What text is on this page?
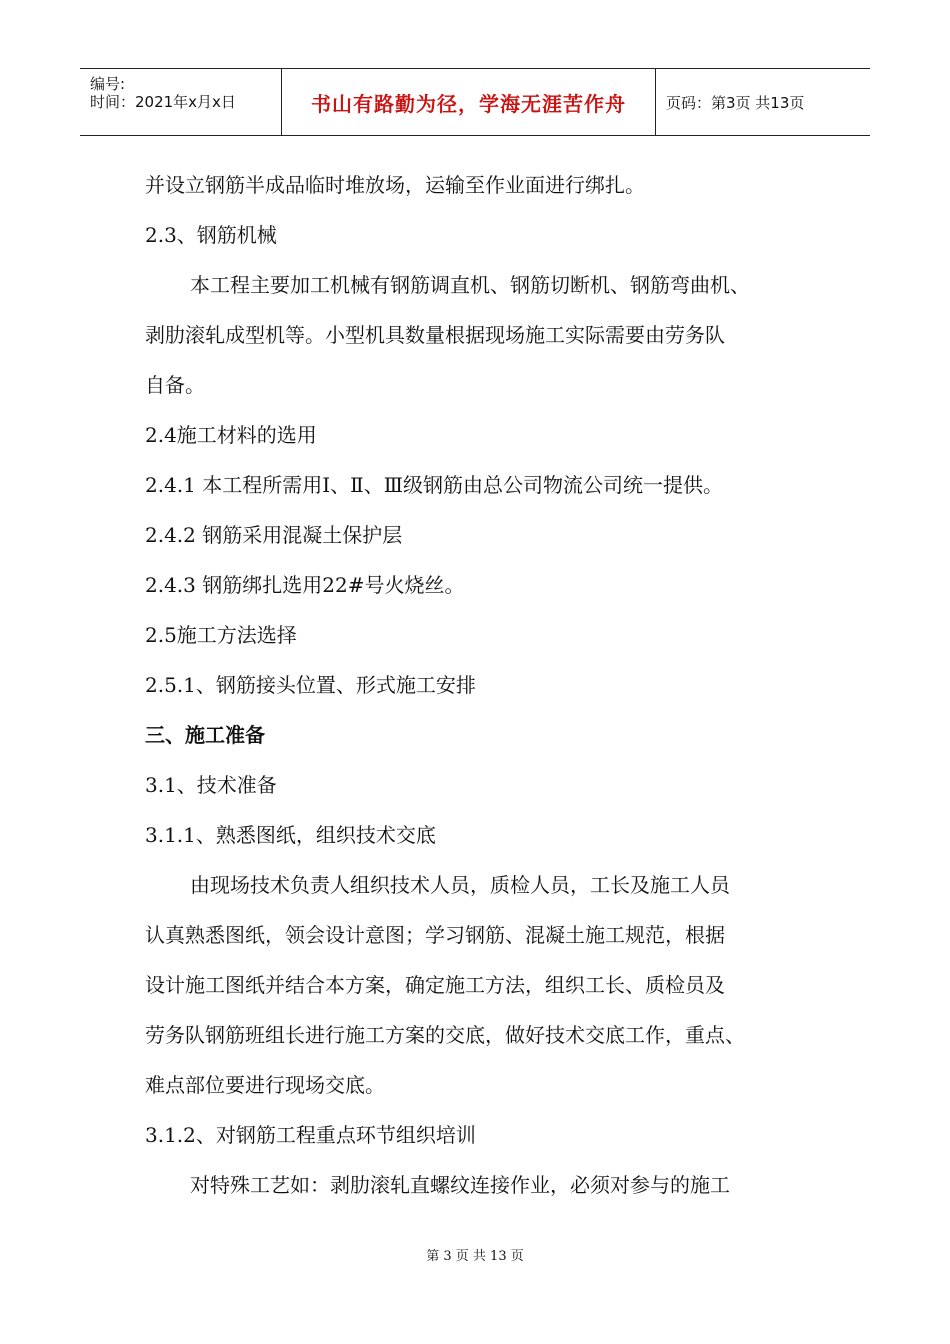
编号:
时间：2021年x月x日	书山有路勤为径，学海无涯苦作舟	页码：第3页 共13页

并设立钢筋半成品临时堆放场，运输至作业面进行绑扎。

2.3、钢筋机械

本工程主要加工机械有钢筋调直机、钢筋切断机、钢筋弯曲机、

剥肋滚轧成型机等。小型机具数量根据现场施工实际需要由劳务队

自备。

2.4施工材料的选用

2.4.1 本工程所需用Ⅰ、Ⅱ、Ⅲ级钢筋由总公司物流公司统一提供。

2.4.2 钢筋采用混凝土保护层

2.4.3 钢筋绑扎选用22#号火烧丝。

2.5施工方法选择

2.5.1、钢筋接头位置、形式施工安排

三、施工准备

3.1、技术准备

3.1.1、熟悉图纸，组织技术交底

由现场技术负责人组织技术人员，质检人员，工长及施工人员

认真熟悉图纸，领会设计意图；学习钢筋、混凝土施工规范，根据

设计施工图纸并结合本方案，确定施工方法，组织工长、质检员及

劳务队钢筋班组长进行施工方案的交底，做好技术交底工作，重点、

难点部位要进行现场交底。

3.1.2、对钢筋工程重点环节组织培训

对特殊工艺如：剥肋滚轧直螺纹连接作业，必须对参与的施工

第 3 页 共 13 页
